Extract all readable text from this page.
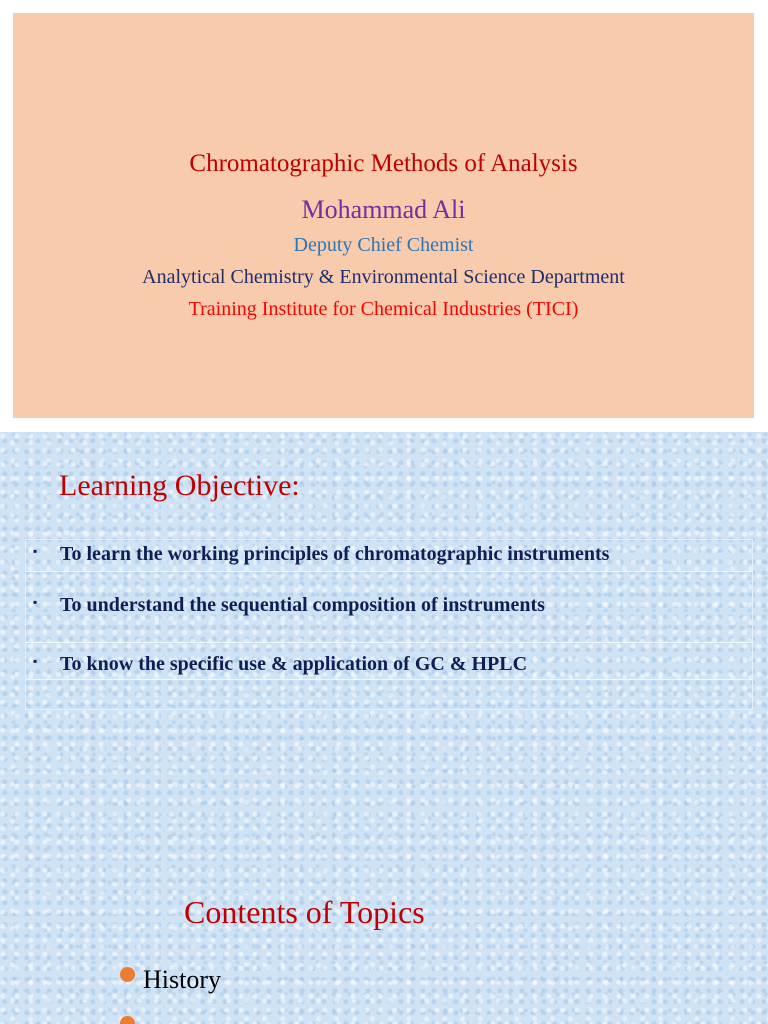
Chromatographic Methods of Analysis
Mohammad Ali
Deputy Chief Chemist
Analytical Chemistry & Environmental Science Department
Training Institute for Chemical Industries (TICI)
Learning Objective:
▪ To learn the working principles of chromatographic instruments
▪ To understand the sequential composition of instruments
▪ To know the specific use & application of GC & HPLC
Contents of Topics
History
